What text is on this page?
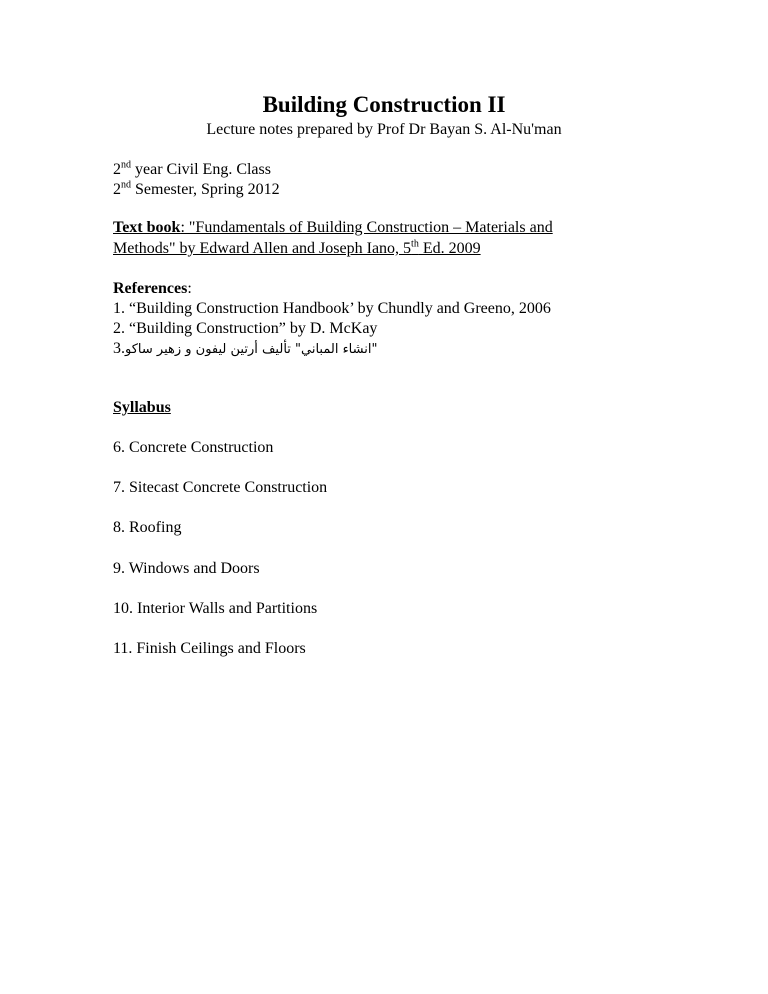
Building Construction II
Lecture notes prepared by Prof Dr Bayan S. Al-Nu'man
2nd year Civil Eng. Class
2nd Semester, Spring 2012
Text book: "Fundamentals of Building Construction – Materials and
Methods" by Edward Allen and Joseph Iano, 5th Ed. 2009
References:
1. “Building Construction Handbook’ by Chundly and Greeno, 2006
2. “Building Construction” by D. McKay
3."انشاء المباني" تأليف أرتين ليفون و زهير ساكو
Syllabus
6. Concrete Construction
7. Sitecast Concrete Construction
8. Roofing
9. Windows and Doors
10. Interior Walls and Partitions
11. Finish Ceilings and Floors
